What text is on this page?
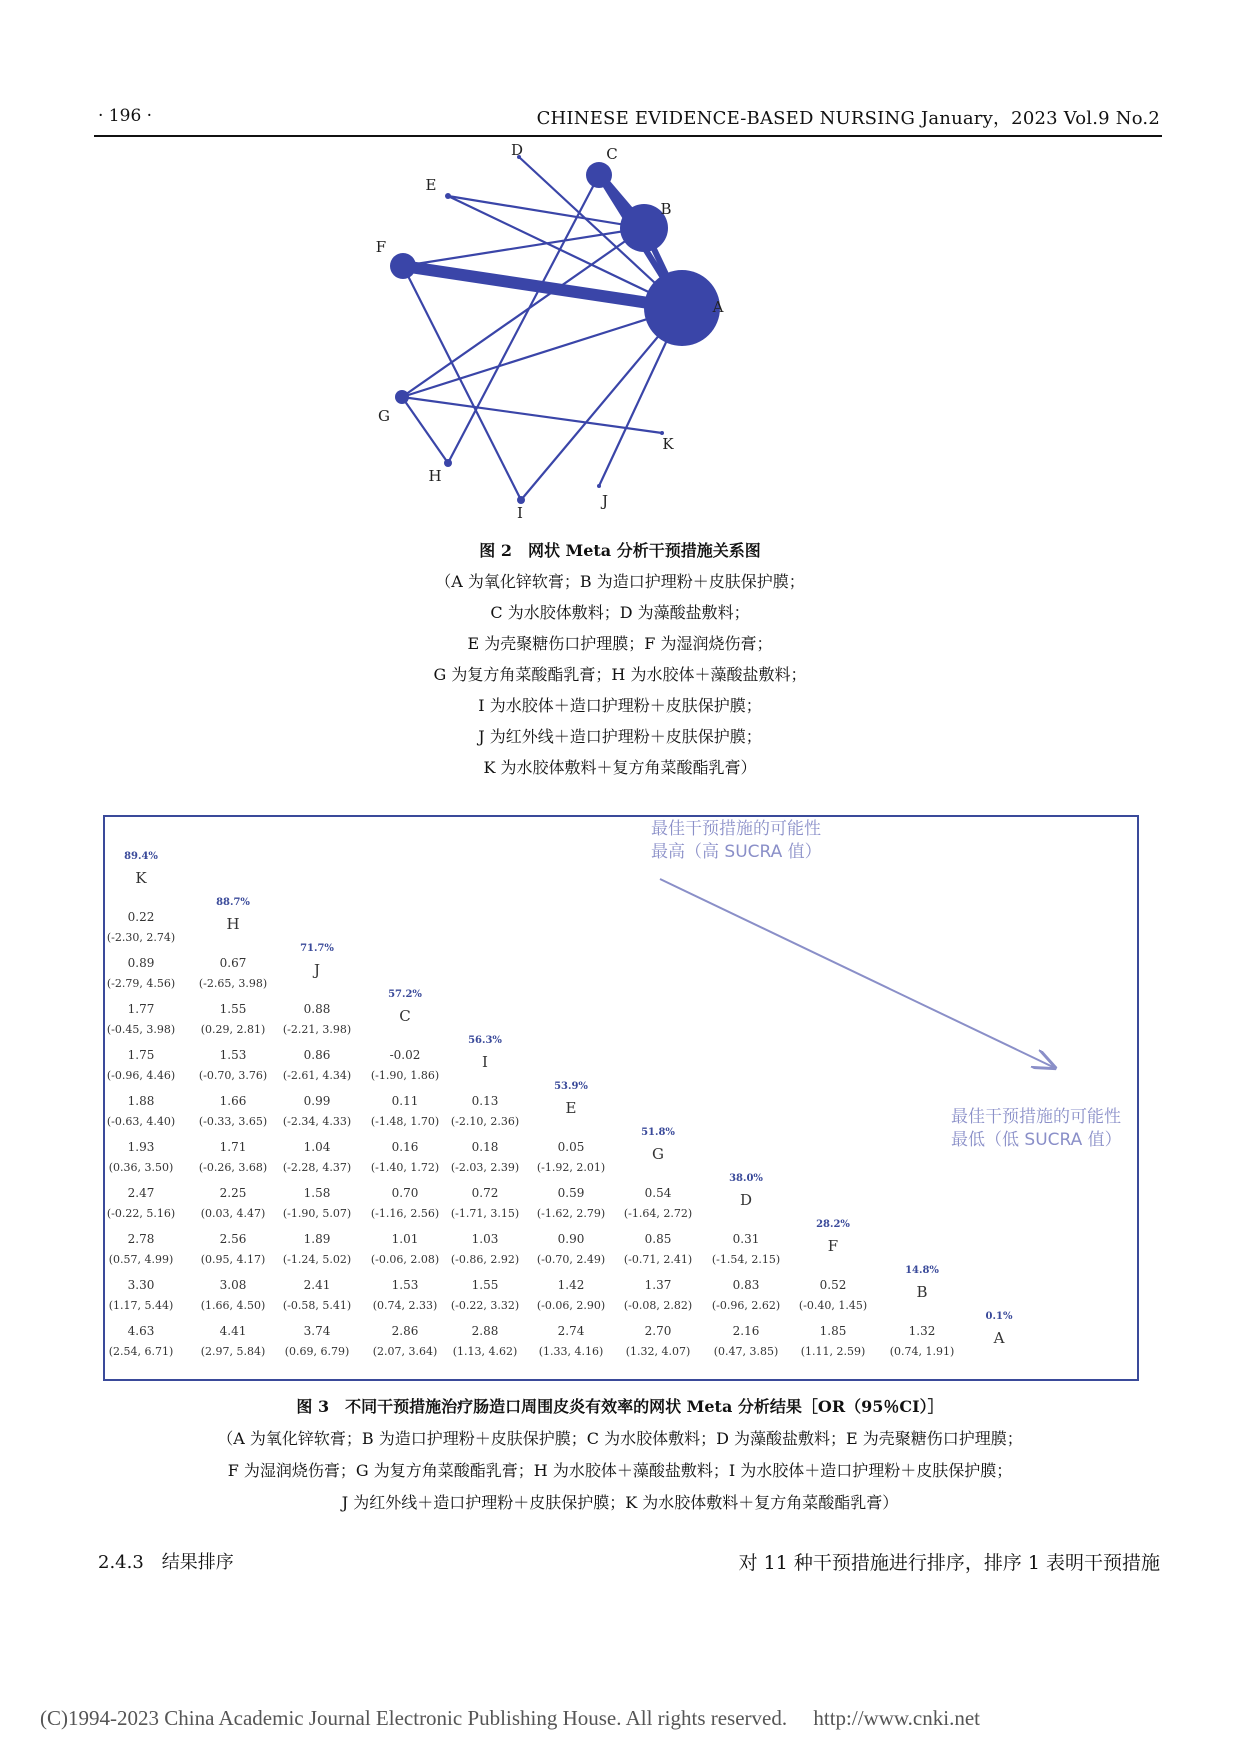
· 196 ·	CHINESE EVIDENCE-BASED NURSING January，2023 Vol.9 No.2
A
B
C
D
E
F
G
H
I
J
K
图 2　网状 Meta 分析干预措施关系图
（A 为氧化锌软膏；B 为造口护理粉＋皮肤保护膜；
C 为水胶体敷料；D 为藻酸盐敷料；
E 为壳聚糖伤口护理膜；F 为湿润烧伤膏；
G 为复方角菜酸酯乳膏；H 为水胶体＋藻酸盐敷料；
I 为水胶体＋造口护理粉＋皮肤保护膜；
J 为红外线＋造口护理粉＋皮肤保护膜；
K 为水胶体敷料＋复方角菜酸酯乳膏）
最佳干预措施的可能性
最高（高 SUCRA 值）
最佳干预措施的可能性
最低（低 SUCRA 值）
89.4%
K
88.7%
H
71.7%
J
57.2%
C
56.3%
I
53.9%
E
51.8%
G
38.0%
D
28.2%
F
14.8%
B
0.1%
A
0.22
(-2.30, 2.74)
0.89
(-2.79, 4.56)
0.67
(-2.65, 3.98)
1.77
(-0.45, 3.98)
1.55
(0.29, 2.81)
0.88
(-2.21, 3.98)
1.75
(-0.96, 4.46)
1.53
(-0.70, 3.76)
0.86
(-2.61, 4.34)
-0.02
(-1.90, 1.86)
1.88
(-0.63, 4.40)
1.66
(-0.33, 3.65)
0.99
(-2.34, 4.33)
0.11
(-1.48, 1.70)
0.13
(-2.10, 2.36)
1.93
(0.36, 3.50)
1.71
(-0.26, 3.68)
1.04
(-2.28, 4.37)
0.16
(-1.40, 1.72)
0.18
(-2.03, 2.39)
0.05
(-1.92, 2.01)
2.47
(-0.22, 5.16)
2.25
(0.03, 4.47)
1.58
(-1.90, 5.07)
0.70
(-1.16, 2.56)
0.72
(-1.71, 3.15)
0.59
(-1.62, 2.79)
0.54
(-1.64, 2.72)
2.78
(0.57, 4.99)
2.56
(0.95, 4.17)
1.89
(-1.24, 5.02)
1.01
(-0.06, 2.08)
1.03
(-0.86, 2.92)
0.90
(-0.70, 2.49)
0.85
(-0.71, 2.41)
0.31
(-1.54, 2.15)
3.30
(1.17, 5.44)
3.08
(1.66, 4.50)
2.41
(-0.58, 5.41)
1.53
(0.74, 2.33)
1.55
(-0.22, 3.32)
1.42
(-0.06, 2.90)
1.37
(-0.08, 2.82)
0.83
(-0.96, 2.62)
0.52
(-0.40, 1.45)
4.63
(2.54, 6.71)
4.41
(2.97, 5.84)
3.74
(0.69, 6.79)
2.86
(2.07, 3.64)
2.88
(1.13, 4.62)
2.74
(1.33, 4.16)
2.70
(1.32, 4.07)
2.16
(0.47, 3.85)
1.85
(1.11, 2.59)
1.32
(0.74, 1.91)
图 3　不同干预措施治疗肠造口周围皮炎有效率的网状 Meta 分析结果［OR（95％CI）］
（A 为氧化锌软膏；B 为造口护理粉＋皮肤保护膜；C 为水胶体敷料；D 为藻酸盐敷料；E 为壳聚糖伤口护理膜；
F 为湿润烧伤膏；G 为复方角菜酸酯乳膏；H 为水胶体＋藻酸盐敷料；I 为水胶体＋造口护理粉＋皮肤保护膜；
J 为红外线＋造口护理粉＋皮肤保护膜；K 为水胶体敷料＋复方角菜酸酯乳膏）
2.4.3　结果排序	对 11 种干预措施进行排序，排序 1 表明干预措施
(C)1994-2023 China Academic Journal Electronic Publishing House. All rights reserved.　 http://www.cnki.net
